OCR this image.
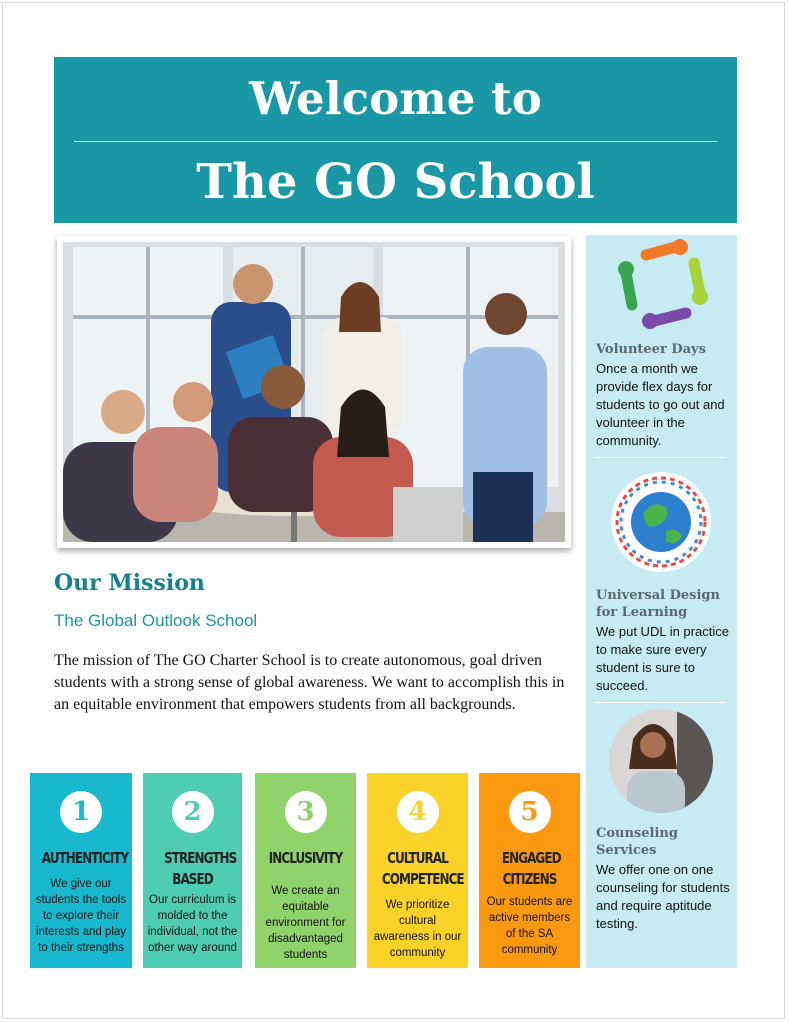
Welcome to
The GO School
Volunteer Days
Once a month we provide flex days for students to go out and volunteer in the community.
Universal Design for Learning
We put UDL in practice to make sure every student is sure to succeed.
Counseling Services
We offer one on one counseling for students and require aptitude testing.
Our Mission
The Global Outlook School
The mission of The GO Charter School is to create autonomous, goal driven students with a strong sense of global awareness. We want to accomplish this in an equitable environment that empowers students from all backgrounds.
1
AUTHENTICITY
We give our students the tools to explore their interests and play to their strengths
2
STRENGTHS BASED
Our curriculum is molded to the individual, not the other way around
3
INCLUSIVITY
We create an equitable environment for disadvantaged students
4
CULTURAL COMPETENCE
We prioritize cultural awareness in our community
5
ENGAGED CITIZENS
Our students are active members of the SA community
